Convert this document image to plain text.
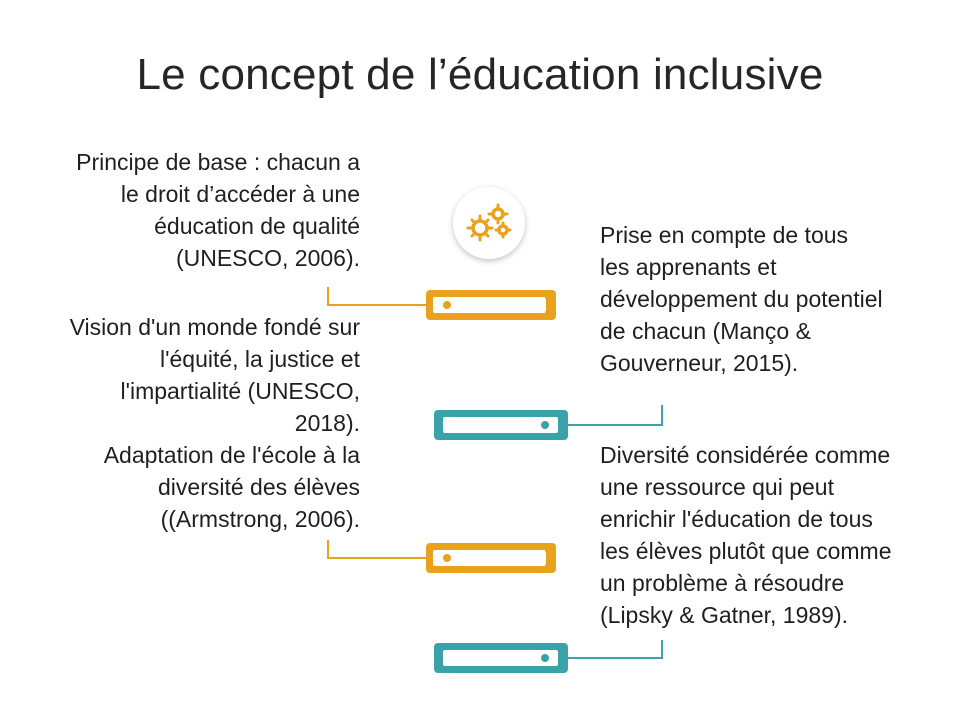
Le concept de l’éducation inclusive
Principe de base : chacun a
le droit d’accéder à une
éducation de qualité
(UNESCO, 2006).
Prise en compte de tous
les apprenants et
développement du potentiel
de chacun (Manço &
Gouverneur, 2015).
Vision d'un monde fondé sur
l'équité, la justice et
l'impartialité (UNESCO,
2018).
Adaptation de l'école à la
diversité des élèves
((Armstrong, 2006).
Diversité considérée comme
une ressource qui peut
enrichir l'éducation de tous
les élèves plutôt que comme
un problème à résoudre
(Lipsky & Gatner, 1989).
